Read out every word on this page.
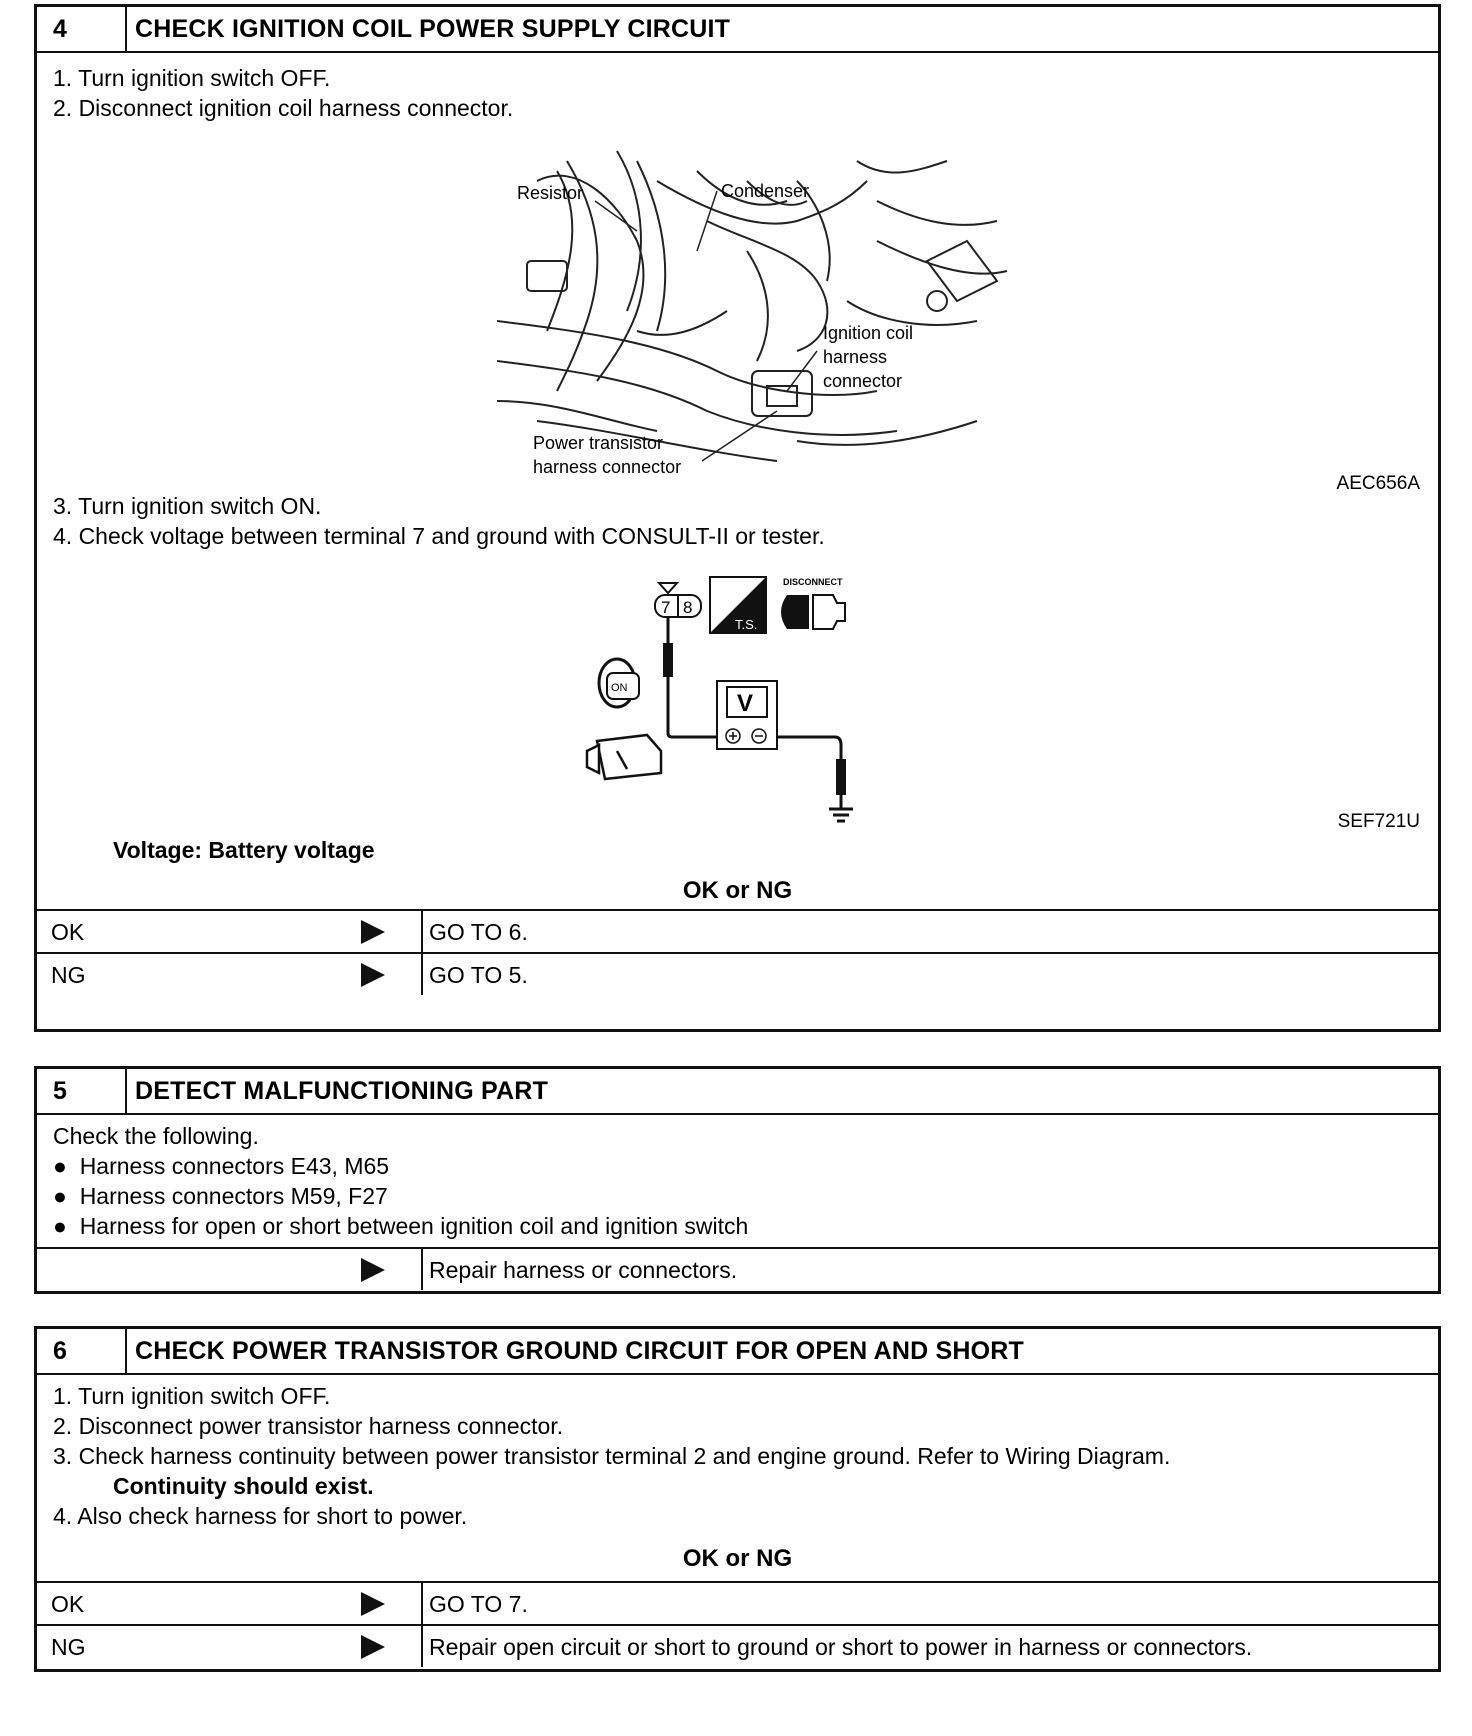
4	CHECK IGNITION COIL POWER SUPPLY CIRCUIT
1. Turn ignition switch OFF.
2. Disconnect ignition coil harness connector.
Resistor	Condenser
Ignition coil
harness
connector
Power transistor
harness connector
AEC656A
3. Turn ignition switch ON.
4. Check voltage between terminal 7 and ground with CONSULT-II or tester.
7 8
T.S.
DISCONNECT
V
ON
SEF721U
Voltage: Battery voltage
OK or NG
OK	GO TO 6.
NG	GO TO 5.
5	DETECT MALFUNCTIONING PART
Check the following.
●  Harness connectors E43, M65
●  Harness connectors M59, F27
●  Harness for open or short between ignition coil and ignition switch
Repair harness or connectors.
6	CHECK POWER TRANSISTOR GROUND CIRCUIT FOR OPEN AND SHORT
1. Turn ignition switch OFF.
2. Disconnect power transistor harness connector.
3. Check harness continuity between power transistor terminal 2 and engine ground. Refer to Wiring Diagram.
Continuity should exist.
4. Also check harness for short to power.
OK or NG
OK	GO TO 7.
NG	Repair open circuit or short to ground or short to power in harness or connectors.
